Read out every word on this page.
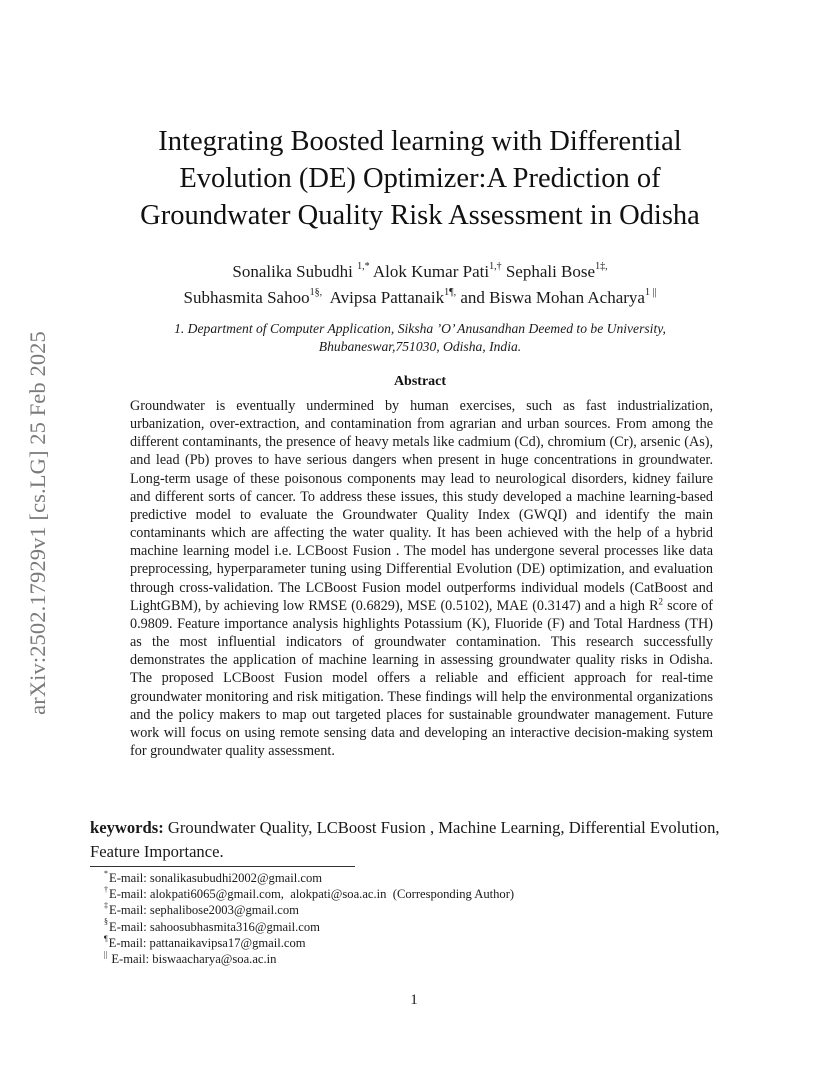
arXiv:2502.17929v1 [cs.LG] 25 Feb 2025
Integrating Boosted learning with Differential
Evolution (DE) Optimizer:A Prediction of
Groundwater Quality Risk Assessment in Odisha
Sonalika Subudhi $^{1,*}$ Alok Kumar Pati$^{1,\dagger}$ Sephali Bose$^{1\ddagger,}$
Subhasmita Sahoo$^{1\S,}$ Avipsa Pattanaik$^{1\P,}$ and Biswa Mohan Acharya$^{1 ||}$
1. Department of Computer Application, Siksha ’O’ Anusandhan Deemed to be University,
Bhubaneswar,751030, Odisha, India.
Abstract

Groundwater is eventually undermined by human exercises, such as fast industrialization, urbanization, over-extraction, and contamination from agrarian and urban sources. From among the different contaminants, the presence of heavy metals like cadmium (Cd), chromium (Cr), arsenic (As), and lead (Pb) proves to have serious dangers when present in huge concentrations in groundwater. Long-term usage of these poisonous components may lead to neurological disorders, kidney failure and different sorts of cancer. To address these issues, this study developed a machine learning-based predictive model to evaluate the Groundwater Quality Index (GWQI) and identify the main contaminants which are affecting the water quality. It has been achieved with the help of a hybrid machine learning model i.e. LCBoost Fusion . The model has undergone several processes like data preprocessing, hyperparameter tuning using Differential Evolution (DE) optimization, and evaluation through cross-validation. The LCBoost Fusion model outperforms individual models (CatBoost and LightGBM), by achieving low RMSE (0.6829), MSE (0.5102), MAE (0.3147) and a high $R^2$ score of 0.9809. Feature importance analysis highlights Potassium (K), Fluoride (F) and Total Hardness (TH) as the most influential indicators of groundwater contamination. This research successfully demonstrates the application of machine learning in assessing groundwater quality risks in Odisha. The proposed LCBoost Fusion model offers a reliable and efficient approach for real-time groundwater monitoring and risk mitigation. These findings will help the environmental organizations and the policy makers to map out targeted places for sustainable groundwater management. Future work will focus on using remote sensing data and developing an interactive decision-making system for groundwater quality assessment.

keywords: Groundwater Quality, LCBoost Fusion , Machine Learning, Differential Evolution, Feature Importance.

*E-mail: sonalikasubudhi2002@gmail.com
†E-mail: alokpati6065@gmail.com,  alokpati@soa.ac.in  (Corresponding Author)
‡E-mail: sephalibose2003@gmail.com
§E-mail: sahoosubhasmita316@gmail.com
¶E-mail: pattanaikavipsa17@gmail.com
|| E-mail: biswaacharya@soa.ac.in
1
